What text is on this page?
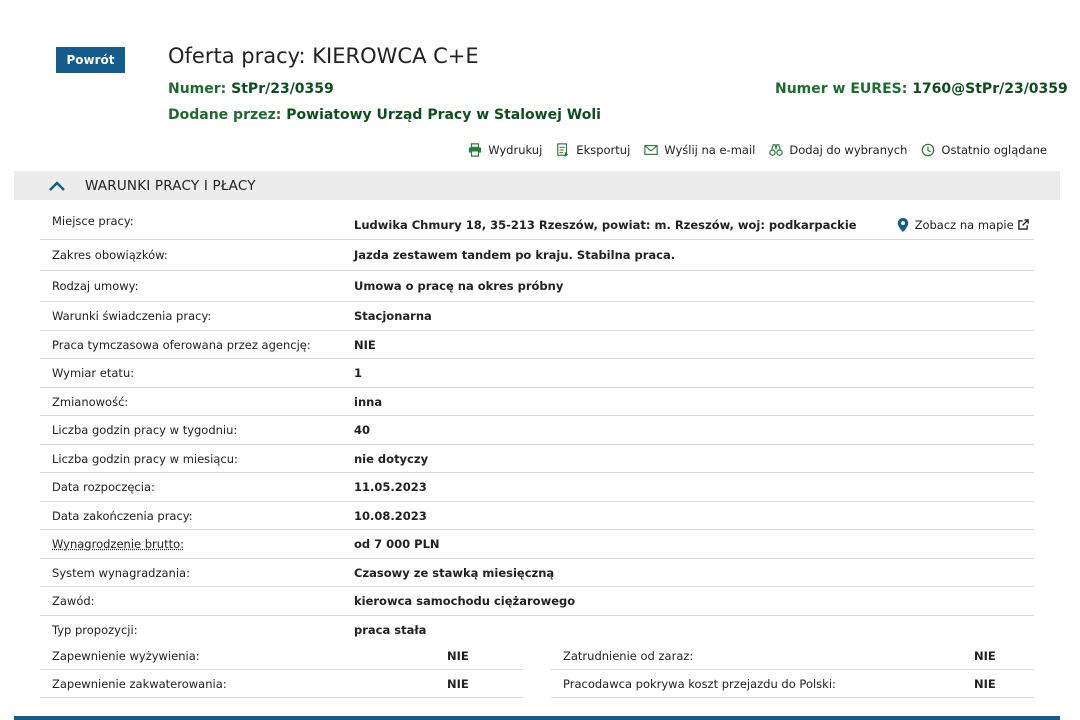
Powrót	Oferta pracy: KIEROWCA C+E
Numer: StPr/23/0359
Dodane przez: Powiatowy Urząd Pracy w Stalowej Woli
Numer w EURES: 1760@StPr/23/0359
Wydrukuj	Eksportuj	Wyślij na e-mail	Dodaj do wybranych	Ostatnio oglądane
WARUNKI PRACY I PŁACY
Miejsce pracy:	Ludwika Chmury 18, 35-213 Rzeszów, powiat: m. Rzeszów, woj: podkarpackie	Zobacz na mapie
Zakres obowiązków:	Jazda zestawem tandem po kraju. Stabilna praca.
Rodzaj umowy:	Umowa o pracę na okres próbny
Warunki świadczenia pracy:	Stacjonarna
Praca tymczasowa oferowana przez agencję:	NIE
Wymiar etatu:	1
Zmianowość:	inna
Liczba godzin pracy w tygodniu:	40
Liczba godzin pracy w miesiącu:	nie dotyczy
Data rozpoczęcia:	11.05.2023
Data zakończenia pracy:	10.08.2023
Wynagrodzenie brutto:	od 7 000 PLN
System wynagradzania:	Czasowy ze stawką miesięczną
Zawód:	kierowca samochodu ciężarowego
Typ propozycji:	praca stała
Zapewnienie wyżywienia:	NIE
Zapewnienie zakwaterowania:	NIE
Zatrudnienie od zaraz:	NIE
Pracodawca pokrywa koszt przejazdu do Polski:	NIE
